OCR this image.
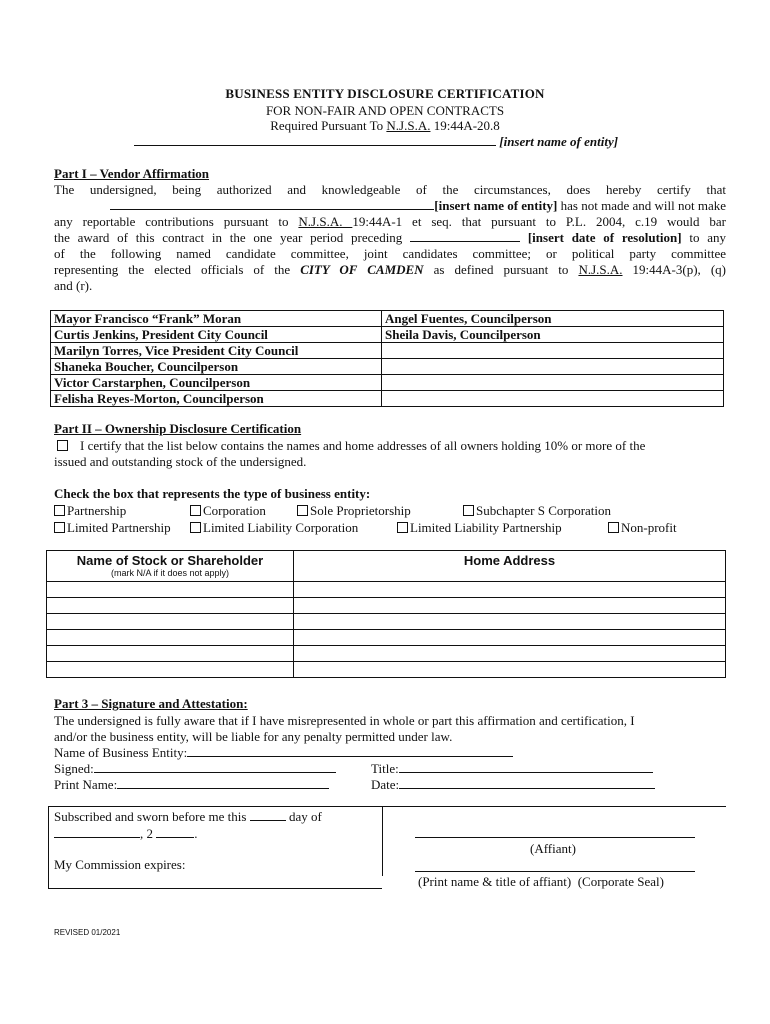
BUSINESS ENTITY DISCLOSURE CERTIFICATION
FOR NON-FAIR AND OPEN CONTRACTS
Required Pursuant To N.J.S.A. 19:44A-20.8
[insert name of entity]
Part I – Vendor Affirmation
The undersigned, being authorized and knowledgeable of the circumstances, does hereby certify that
[insert name of entity] has not made and will not make
any reportable contributions pursuant to N.J.S.A. 19:44A-1 et seq. that pursuant to P.L. 2004, c.19 would bar
the award of this contract in the one year period preceding	[insert date of resolution] to any
of the following named candidate committee, joint candidates committee; or political party committee
representing the elected officials of the CITY OF CAMDEN as defined pursuant to N.J.S.A. 19:44A-3(p), (q)
and (r).
Mayor Francisco “Frank” Moran	Angel Fuentes, Councilperson
Curtis Jenkins, President City Council	Sheila Davis, Councilperson
Marilyn Torres, Vice President City Council	
Shaneka Boucher, Councilperson	
Victor Carstarphen, Councilperson	
Felisha Reyes-Morton, Councilperson	
Part II – Ownership Disclosure Certification
I certify that the list below contains the names and home addresses of all owners holding 10% or more of the
issued and outstanding stock of the undersigned.
Check the box that represents the type of business entity:
Partnership	Corporation	Sole Proprietorship	Subchapter S Corporation
Limited Partnership	Limited Liability Corporation	Limited Liability Partnership	Non-profit
Name of Stock or Shareholder
(mark N/A if it does not apply)	Home Address

Part 3 – Signature and Attestation:
The undersigned is fully aware that if I have misrepresented in whole or part this affirmation and certification, I
and/or the business entity, will be liable for any penalty permitted under law.
Name of Business Entity:
Signed:	Title:
Print Name:	Date:
Subscribed and sworn before me this	day of
, 2	.
My Commission expires:
(Affiant)
(Print name & title of affiant) (Corporate Seal)
REVISED 01/2021
